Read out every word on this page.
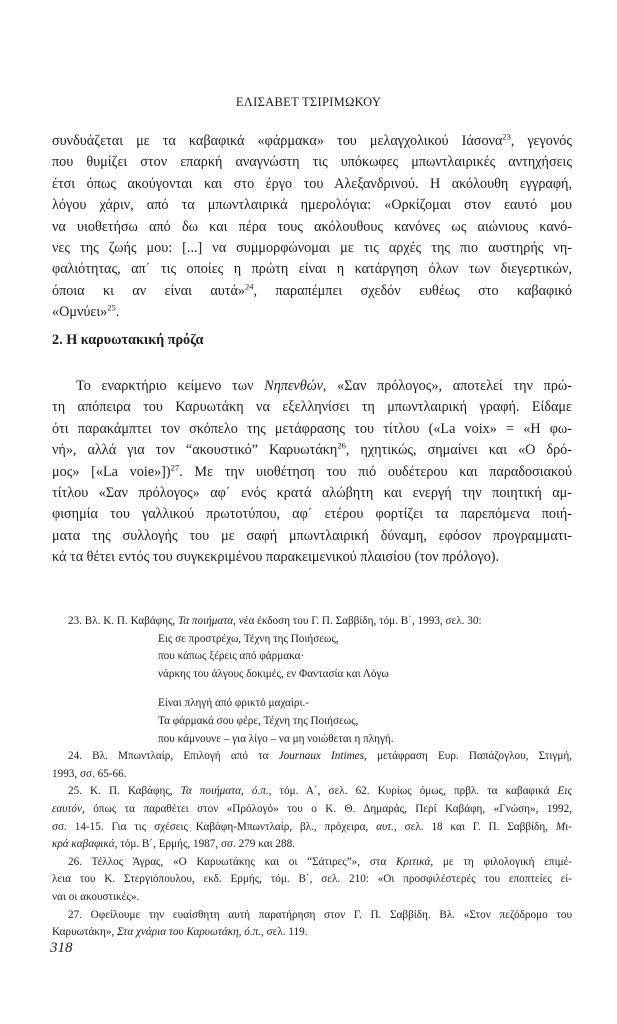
ΕΛΙΣΑΒΕΤ ΤΣΙΡΙΜΩΚΟΥ
συνδυάζεται με τα καβαφικά «φάρμακα» του μελαγχολικού Ιάσονα$^{23}$, γεγονός
που θυμίζει στον επαρκή αναγνώστη τις υπόκωφες μπωντλαιρικές αντηχήσεις
έτσι όπως ακούγονται και στο έργο του Αλεξανδρινού. Η ακόλουθη εγγραφή,
λόγου χάριν, από τα μπωντλαιρικά ημερολόγια: «Ορκίζομαι στον εαυτό μου
να υιοθετήσω από δω και πέρα τους ακόλουθους κανόνες ως αιώνιους κανό-
νες της ζωής μου: [...] να συμμορφώνομαι με τις αρχές της πιο αυστηρής νη-
φαλιότητας, απ΄ τις οποίες η πρώτη είναι η κατάργηση όλων των διεγερτικών,
όποια κι αν είναι αυτά»$^{24}$, παραπέμπει σχεδόν ευθέως στο καβαφικό
«Ομνύει»$^{25}$.
2. Η καρυωτακική πρόζα
Το εναρκτήριο κείμενο των Νηπενθών, «Σαν πρόλογος», αποτελεί την πρώ-
τη απόπειρα του Καρυωτάκη να εξελληνίσει τη μπωντλαιρική γραφή. Είδαμε
ότι παρακάμπτει τον σκόπελο της μετάφρασης του τίτλου («La voix» = «Η φω-
νή», αλλά για τον “ακουστικό” Καρυωτάκη$^{26}$, ηχητικώς, σημαίνει και «Ο δρό-
μος» [«La voie»])$^{27}$. Με την υιοθέτηση του πιό ουδέτερου και παραδοσιακού
τίτλου «Σαν πρόλογος» αφ΄ ενός κρατά αλώβητη και ενεργή την ποιητική αμ-
φισημία του γαλλικού πρωτοτύπου, αφ΄ ετέρου φορτίζει τα παρεπόμενα ποιή-
ματα της συλλογής του με σαφή μπωντλαιρική δύναμη, εφόσον προγραμματι-
κά τα θέτει εντός του συγκεκριμένου παρακειμενικού πλαισίου (τον πρόλογο).
23. Βλ. Κ. Π. Καβάφης, Τα ποιήματα, νέα έκδοση του Γ. Π. Σαββίδη, τόμ. Β΄, 1993, σελ. 30:
Εις σε προστρέχω, Τέχνη της Ποιήσεως,
που κάπως ξέρεις από φάρμακα·
νάρκης του άλγους δοκιμές, εν Φαντασία και Λόγω
Είναι πληγή από φρικτό μαχαίρι.-
Τα φάρμακά σου φέρε, Τέχνη της Ποιήσεως,
που κάμνουνε – για λίγο – να μη νοιώθεται η πληγή.
24. Βλ. Μπωντλαίρ, Επιλογή από τα Journaux Intimes, μετάφραση Ευρ. Παπάζογλου, Στιγμή,
1993, σσ. 65-66.
25. Κ. Π. Καβάφης, Τα ποιήματα, ό.π., τόμ. Α΄, σελ. 62. Κυρίως όμως, πρβλ. τα καβαφικά Εις
εαυτόν, όπως τα παραθέτει στον «Πρόλογό» του ο Κ. Θ. Δημαράς, Περί Καβάφη, «Γνώση», 1992,
σσ. 14-15. Για τις σχέσεις Καβάφη-Μπωντλαίρ, βλ., πρόχειρα, αυτ., σελ. 18 και Γ. Π. Σαββίδη, Μι-
κρά καβαφικά, τόμ. Β΄, Ερμής, 1987, σσ. 279 και 288.
26. Τέλλος Άγρας, «Ο Καρυωτάκης και οι “Σάτιρες”», στα Κριτικά, με τη φιλολογική επιμέ-
λεια του Κ. Στεργιόπουλου, εκδ. Ερμής, τόμ. Β΄, σελ. 210: «Οι προσφιλέστερές του εποπτείες εί-
ναι οι ακουστικές».
27. Οφείλουμε την ευαίσθητη αυτή παρατήρηση στον Γ. Π. Σαββίδη. Βλ. «Στον πεζόδρομο του
Καρυωτάκη», Στα χνάρια του Καρυωτάκη, ό.π., σελ. 119.
318
